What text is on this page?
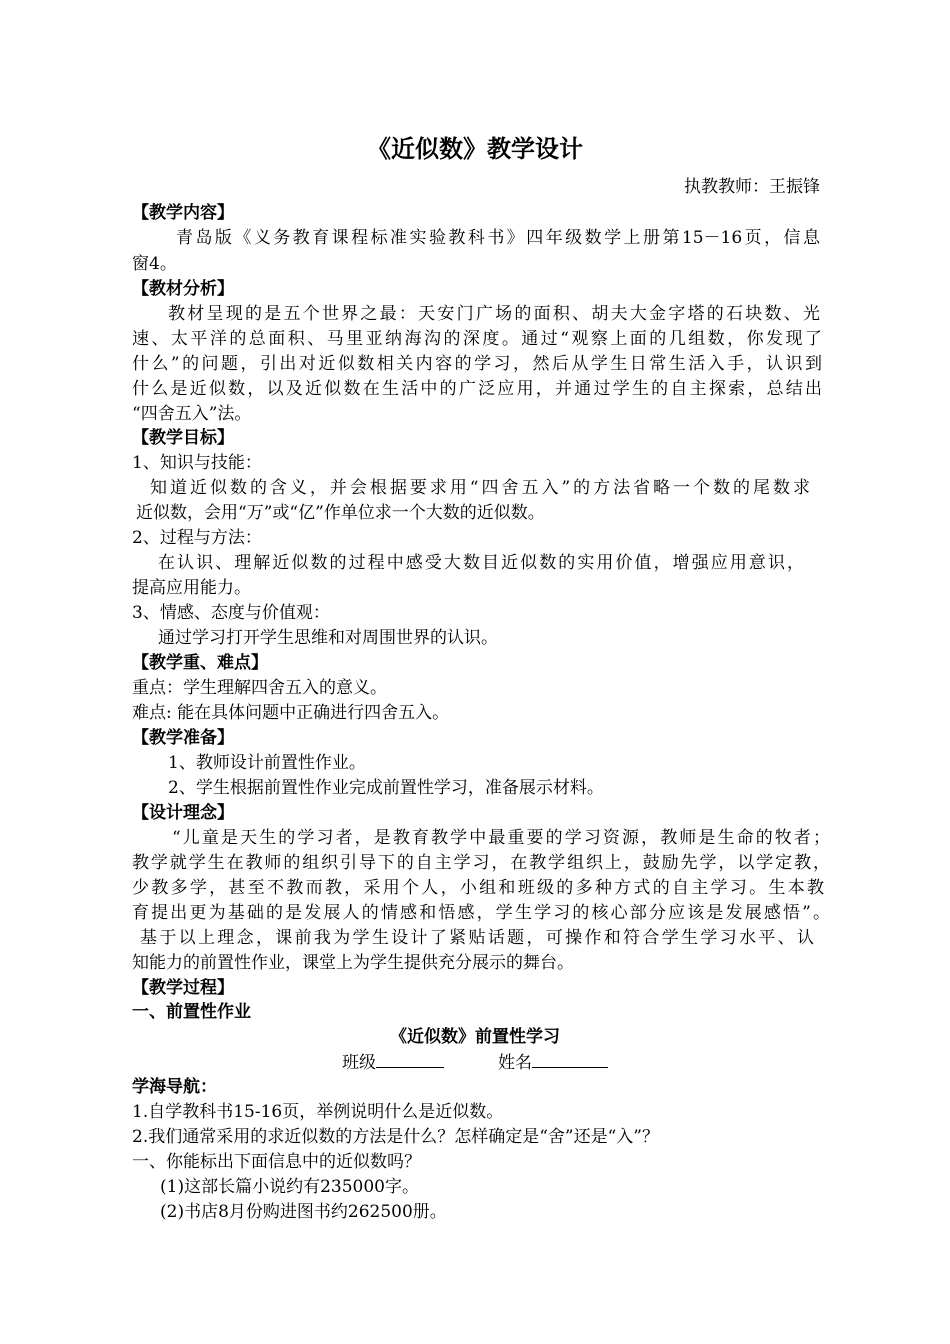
《近似数》教学设计
执教教师：王振锋
【教学内容】
青岛版《义务教育课程标准实验教科书》四年级数学上册第15－16页，信息
窗4。
【教材分析】
教材呈现的是五个世界之最：天安门广场的面积、胡夫大金字塔的石块数、光
速、太平洋的总面积、马里亚纳海沟的深度。通过“观察上面的几组数，你发现了
什么”的问题，引出对近似数相关内容的学习，然后从学生日常生活入手，认识到
什么是近似数，以及近似数在生活中的广泛应用，并通过学生的自主探索，总结出
“四舍五入”法。
【教学目标】
1、知识与技能：
知道近似数的含义，并会根据要求用“四舍五入”的方法省略一个数的尾数求
近似数，会用“万”或“亿”作单位求一个大数的近似数。
2、过程与方法：
在认识、理解近似数的过程中感受大数目近似数的实用价值，增强应用意识，
提高应用能力。
3、情感、态度与价值观：
通过学习打开学生思维和对周围世界的认识。
【教学重、难点】
重点：学生理解四舍五入的意义。
难点: 能在具体问题中正确进行四舍五入。
【教学准备】
1、教师设计前置性作业。
2、学生根据前置性作业完成前置性学习，准备展示材料。
【设计理念】
“儿童是天生的学习者，是教育教学中最重要的学习资源，教师是生命的牧者；
教学就学生在教师的组织引导下的自主学习，在教学组织上，鼓励先学，以学定教，
少教多学，甚至不教而教，采用个人，小组和班级的多种方式的自主学习。生本教
育提出更为基础的是发展人的情感和悟感，学生学习的核心部分应该是发展感悟”。
基于以上理念，课前我为学生设计了紧贴话题，可操作和符合学生学习水平、认
知能力的前置性作业，课堂上为学生提供充分展示的舞台。
【教学过程】
一、前置性作业
《近似数》前置性学习
班级	姓名
学海导航：
1.自学教科书15-16页，举例说明什么是近似数。
2.我们通常采用的求近似数的方法是什么？怎样确定是“舍”还是“入”？
一、你能标出下面信息中的近似数吗？
(1)这部长篇小说约有235000字。
(2)书店8月份购进图书约262500册。
